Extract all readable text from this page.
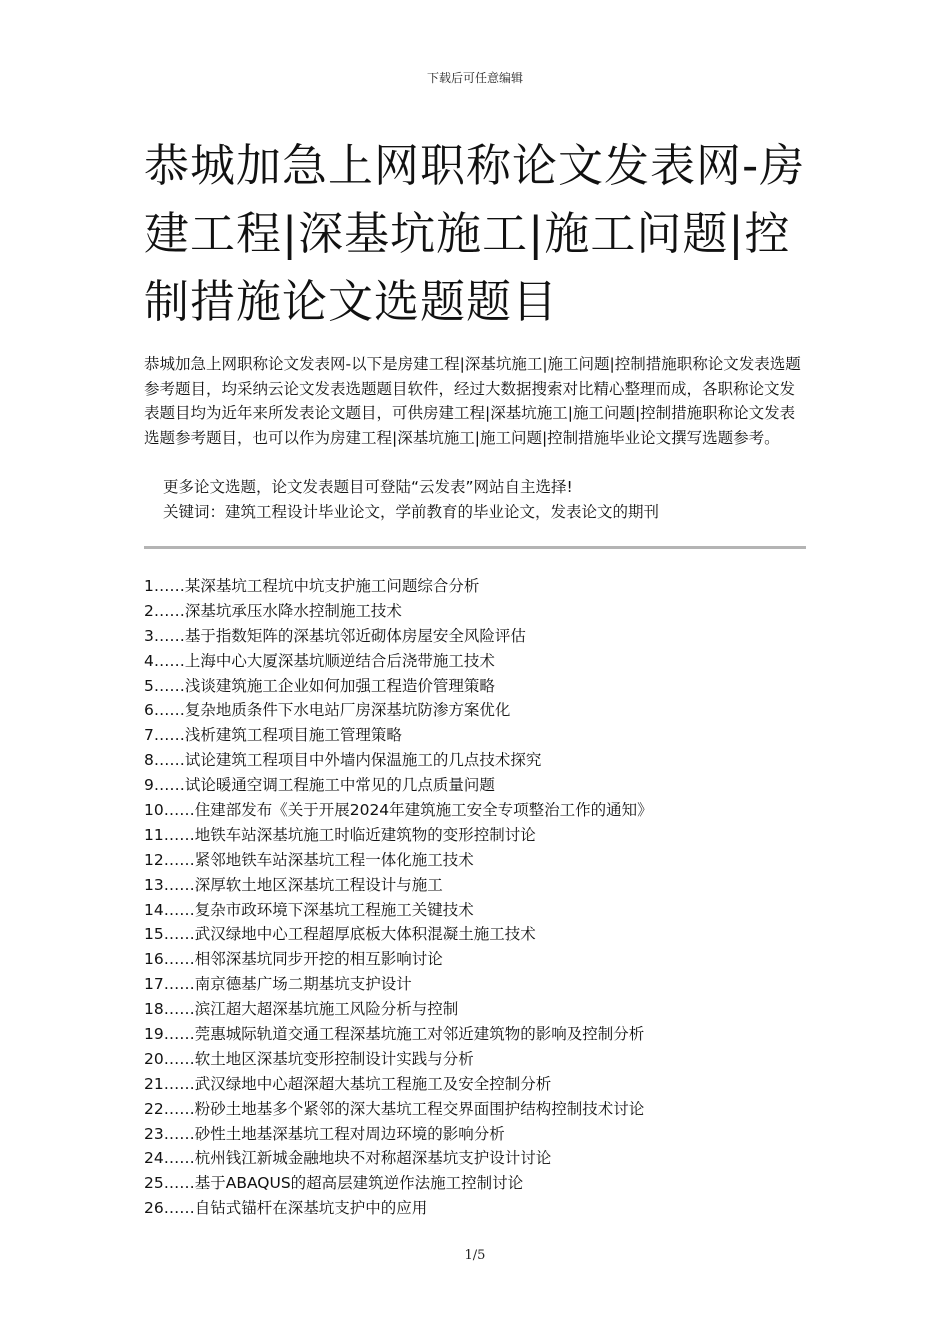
下载后可任意编辑
恭城加急上网职称论文发表网-房建工程|深基坑施工|施工问题|控制措施论文选题题目

恭城加急上网职称论文发表网-以下是房建工程|深基坑施工|施工问题|控制措施职称论文发表选题参考题目，均采纳云论文发表选题题目软件，经过大数据搜索对比精心整理而成，各职称论文发表题目均为近年来所发表论文题目，可供房建工程|深基坑施工|施工问题|控制措施职称论文发表选题参考题目，也可以作为房建工程|深基坑施工|施工问题|控制措施毕业论文撰写选题参考。

更多论文选题，论文发表题目可登陆“云发表”网站自主选择!

关键词：建筑工程设计毕业论文，学前教育的毕业论文，发表论文的期刊

1……某深基坑工程坑中坑支护施工问题综合分析
2……深基坑承压水降水控制施工技术
3……基于指数矩阵的深基坑邻近砌体房屋安全风险评估
4……上海中心大厦深基坑顺逆结合后浇带施工技术
5……浅谈建筑施工企业如何加强工程造价管理策略
6……复杂地质条件下水电站厂房深基坑防渗方案优化
7……浅析建筑工程项目施工管理策略
8……试论建筑工程项目中外墙内保温施工的几点技术探究
9……试论暖通空调工程施工中常见的几点质量问题
10……住建部发布《关于开展2024年建筑施工安全专项整治工作的通知》
11……地铁车站深基坑施工时临近建筑物的变形控制讨论
12……紧邻地铁车站深基坑工程一体化施工技术
13……深厚软土地区深基坑工程设计与施工
14……复杂市政环境下深基坑工程施工关键技术
15……武汉绿地中心工程超厚底板大体积混凝土施工技术
16……相邻深基坑同步开挖的相互影响讨论
17……南京德基广场二期基坑支护设计
18……滨江超大超深基坑施工风险分析与控制
19……莞惠城际轨道交通工程深基坑施工对邻近建筑物的影响及控制分析
20……软土地区深基坑变形控制设计实践与分析
21……武汉绿地中心超深超大基坑工程施工及安全控制分析
22……粉砂土地基多个紧邻的深大基坑工程交界面围护结构控制技术讨论
23……砂性土地基深基坑工程对周边环境的影响分析
24……杭州钱江新城金融地块不对称超深基坑支护设计讨论
25……基于ABAQUS的超高层建筑逆作法施工控制讨论
26……自钻式锚杆在深基坑支护中的应用
1/5
